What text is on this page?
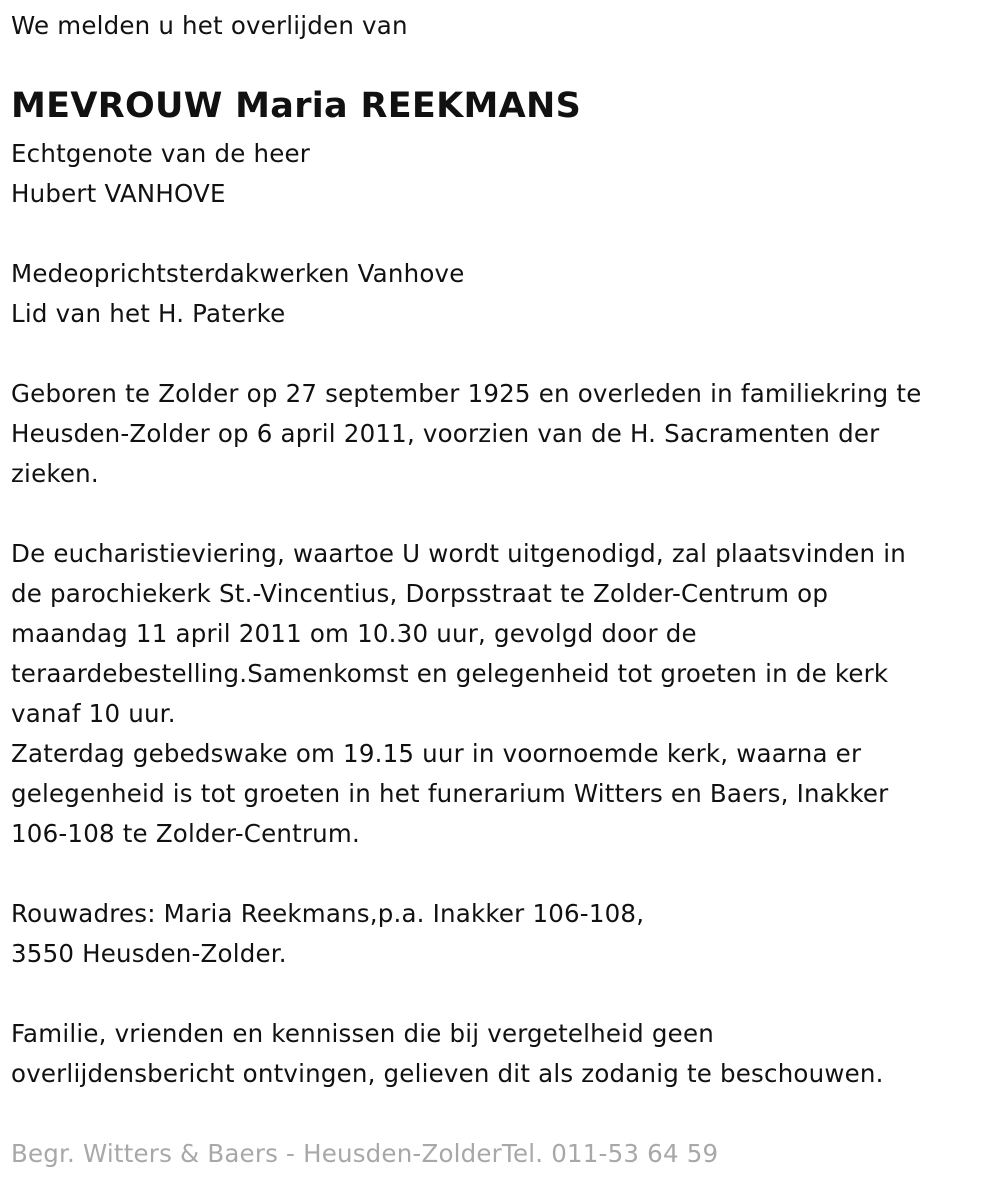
We melden u het overlijden van
MEVROUW Maria REEKMANS
Echtgenote van de heer
Hubert VANHOVE
Medeoprichtsterdakwerken Vanhove
Lid van het H. Paterke
Geboren te Zolder op 27 september 1925 en overleden in familiekring te
Heusden-Zolder op 6 april 2011, voorzien van de H. Sacramenten der
zieken.
De eucharistieviering, waartoe U wordt uitgenodigd, zal plaatsvinden in
de parochiekerk St.-Vincentius, Dorpsstraat te Zolder-Centrum op
maandag 11 april 2011 om 10.30 uur, gevolgd door de
teraardebestelling.Samenkomst en gelegenheid tot groeten in de kerk
vanaf 10 uur.
Zaterdag gebedswake om 19.15 uur in voornoemde kerk, waarna er
gelegenheid is tot groeten in het funerarium Witters en Baers, Inakker
106-108 te Zolder-Centrum.
Rouwadres: Maria Reekmans,p.a. Inakker 106-108,
3550 Heusden-Zolder.
Familie, vrienden en kennissen die bij vergetelheid geen
overlijdensbericht ontvingen, gelieven dit als zodanig te beschouwen.
Begr. Witters & Baers - Heusden-ZolderTel. 011-53 64 59
